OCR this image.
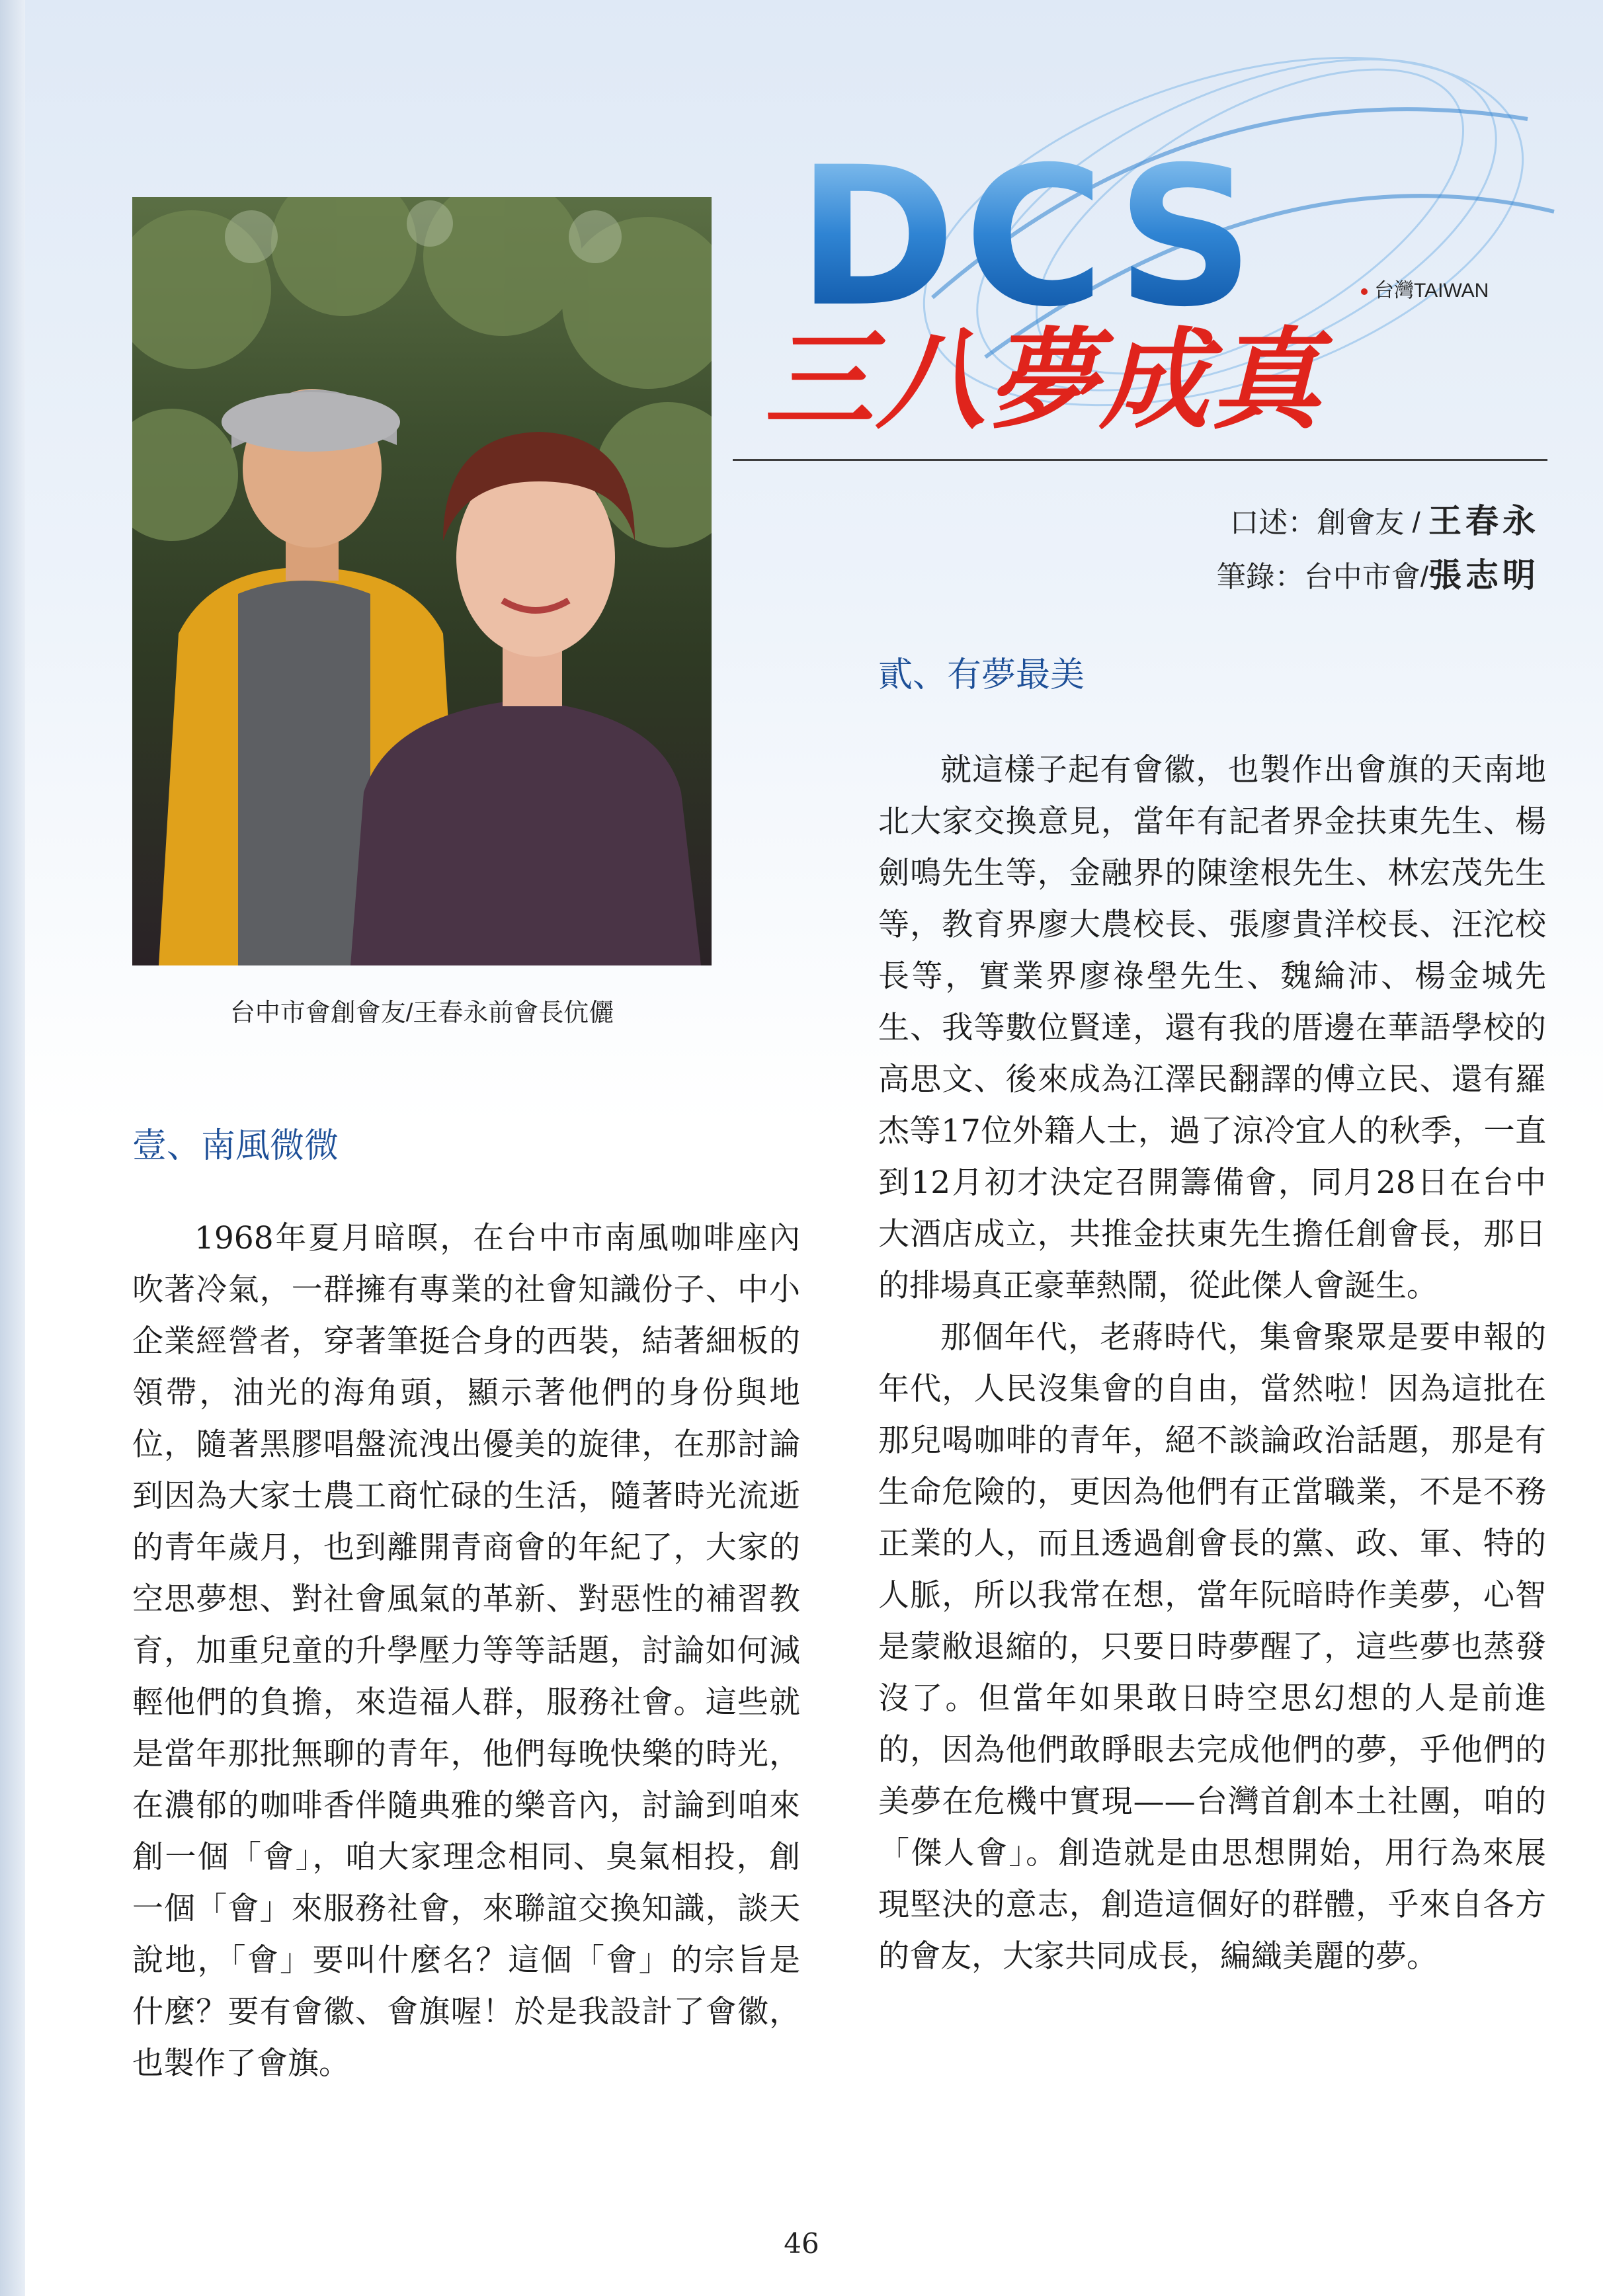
DCS
三八夢成真
台灣TAIWAN
口述：創會友 / 王春永
筆錄：台中市會/張志明
台中市會創會友/王春永前會長伉儷
壹、南風微微

1968年夏月暗暝，在台中市南風咖啡座內吹著冷氣，一群擁有專業的社會知識份子、中小企業經營者，穿著筆挺合身的西裝，結著細板的領帶，油光的海角頭，顯示著他們的身份與地位，隨著黑膠唱盤流洩出優美的旋律，在那討論到因為大家士農工商忙碌的生活，隨著時光流逝的青年歲月，也到離開青商會的年紀了，大家的空思夢想、對社會風氣的革新、對惡性的補習教育，加重兒童的升學壓力等等話題，討論如何減輕他們的負擔，來造福人群，服務社會。這些就是當年那批無聊的青年，他們每晚快樂的時光，在濃郁的咖啡香伴隨典雅的樂音內，討論到咱來創一個「會」，咱大家理念相同、臭氣相投，創一個「會」來服務社會，來聯誼交換知識，談天說地，「會」要叫什麼名？這個「會」的宗旨是什麼？要有會徽、會旗喔！於是我設計了會徽，也製作了會旗。

貳、有夢最美

就這樣子起有會徽，也製作出會旗的天南地北大家交換意見，當年有記者界金扶東先生、楊劍鳴先生等，金融界的陳塗根先生、林宏茂先生等，教育界廖大農校長、張廖貴洋校長、汪沱校長等，實業界廖祿壆先生、魏綸沛、楊金城先生、我等數位賢達，還有我的厝邊在華語學校的高思文、後來成為江澤民翻譯的傅立民、還有羅杰等17位外籍人士，過了涼冷宜人的秋季，一直到12月初才決定召開籌備會，同月28日在台中大酒店成立，共推金扶東先生擔任創會長，那日的排場真正豪華熱鬧，從此傑人會誕生。

那個年代，老蔣時代，集會聚眾是要申報的年代，人民沒集會的自由，當然啦！因為這批在那兒喝咖啡的青年，絕不談論政治話題，那是有生命危險的，更因為他們有正當職業，不是不務正業的人，而且透過創會長的黨、政、軍、特的人脈，所以我常在想，當年阮暗時作美夢，心智是蒙敝退縮的，只要日時夢醒了，這些夢也蒸發沒了。但當年如果敢日時空思幻想的人是前進的，因為他們敢睜眼去完成他們的夢，乎他們的美夢在危機中實現——台灣首創本土社團，咱的「傑人會」。創造就是由思想開始，用行為來展現堅決的意志，創造這個好的群體，乎來自各方的會友，大家共同成長，編織美麗的夢。

46
